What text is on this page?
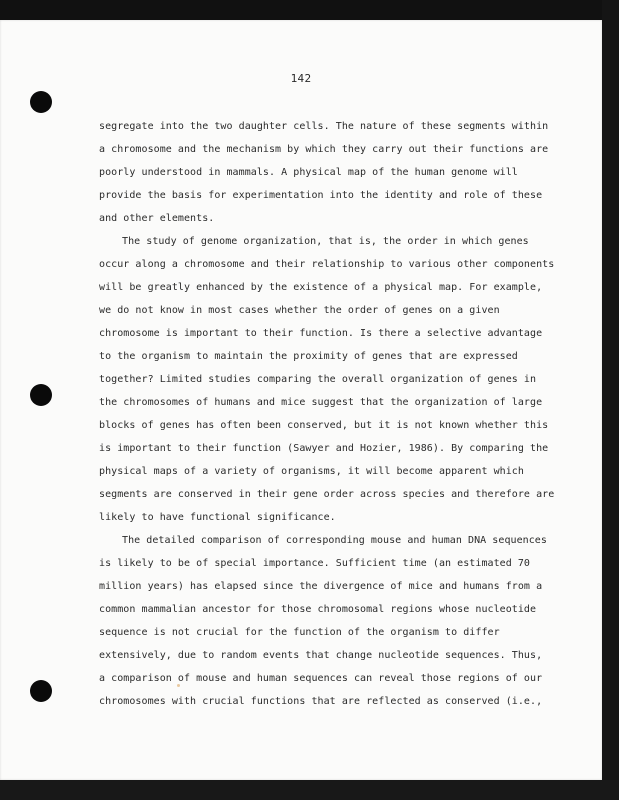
142
segregate into the two daughter cells. The nature of these segments within
a chromosome and the mechanism by which they carry out their functions are
poorly understood in mammals. A physical map of the human genome will
provide the basis for experimentation into the identity and role of these
and other elements.
The study of genome organization, that is, the order in which genes
occur along a chromosome and their relationship to various other components
will be greatly enhanced by the existence of a physical map. For example,
we do not know in most cases whether the order of genes on a given
chromosome is important to their function. Is there a selective advantage
to the organism to maintain the proximity of genes that are expressed
together? Limited studies comparing the overall organization of genes in
the chromosomes of humans and mice suggest that the organization of large
blocks of genes has often been conserved, but it is not known whether this
is important to their function (Sawyer and Hozier, 1986). By comparing the
physical maps of a variety of organisms, it will become apparent which
segments are conserved in their gene order across species and therefore are
likely to have functional significance.
The detailed comparison of corresponding mouse and human DNA sequences
is likely to be of special importance. Sufficient time (an estimated 70
million years) has elapsed since the divergence of mice and humans from a
common mammalian ancestor for those chromosomal regions whose nucleotide
sequence is not crucial for the function of the organism to differ
extensively, due to random events that change nucleotide sequences. Thus,
a comparison of mouse and human sequences can reveal those regions of our
chromosomes with crucial functions that are reflected as conserved (i.e.,
